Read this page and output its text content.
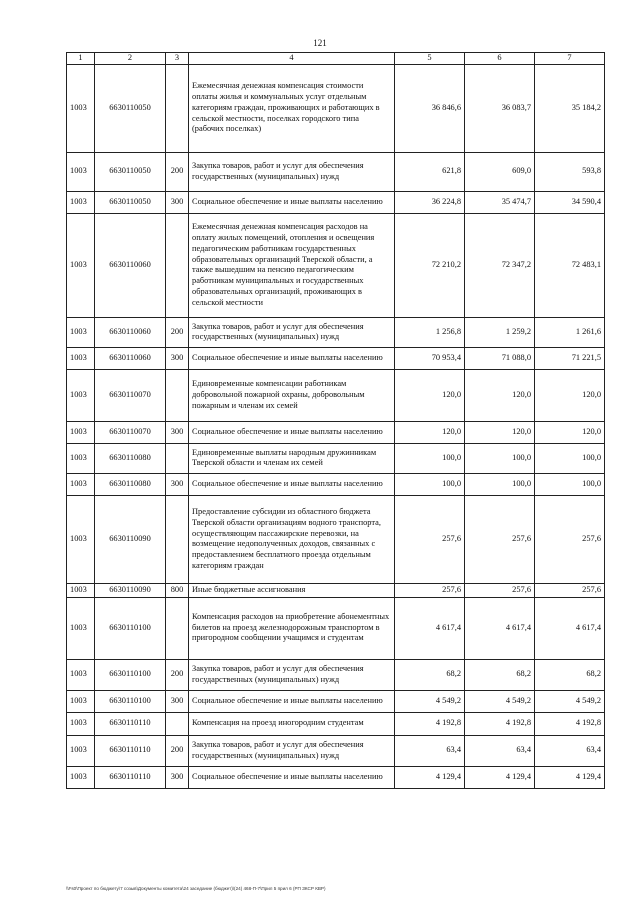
121
1	2	3	4	5	6	7
1003	6630110050		Ежемесячная денежная компенсация стоимости оплаты жилья и коммунальных услуг отдельным категориям граждан, проживающих и работающих в сельской местности, поселках городского типа (рабочих поселках)	36 846,6	36 083,7	35 184,2
1003	6630110050	200	Закупка товаров, работ и услуг для обеспечения государственных (муниципальных) нужд	621,8	609,0	593,8
1003	6630110050	300	Социальное обеспечение и иные выплаты населению	36 224,8	35 474,7	34 590,4
1003	6630110060		Ежемесячная денежная компенсация расходов на оплату жилых помещений, отопления и освещения педагогическим работникам государственных образовательных организаций Тверской области, а также вышедшим на пенсию педагогическим работникам муниципальных и государственных образовательных организаций, проживающих в сельской местности	72 210,2	72 347,2	72 483,1
1003	6630110060	200	Закупка товаров, работ и услуг для обеспечения государственных (муниципальных) нужд	1 256,8	1 259,2	1 261,6
1003	6630110060	300	Социальное обеспечение и иные выплаты населению	70 953,4	71 088,0	71 221,5
1003	6630110070		Единовременные компенсации работникам добровольной пожарной охраны, добровольным пожарным и членам их семей	120,0	120,0	120,0
1003	6630110070	300	Социальное обеспечение и иные выплаты населению	120,0	120,0	120,0
1003	6630110080		Единовременные выплаты народным дружинникам Тверской области и членам их семей	100,0	100,0	100,0
1003	6630110080	300	Социальное обеспечение и иные выплаты населению	100,0	100,0	100,0
1003	6630110090		Предоставление субсидии из областного бюджета Тверской области организациям водного транспорта, осуществляющим пассажирские перевозки, на возмещение недополученных доходов, связанных с предоставлением бесплатного проезда отдельным категориям граждан	257,6	257,6	257,6
1003	6630110090	800	Иные бюджетные ассигнования	257,6	257,6	257,6
1003	6630110100		Компенсация расходов на приобретение абонементных билетов на проезд железнодорожным транспортом в пригородном сообщении учащимся и студентам	4 617,4	4 617,4	4 617,4
1003	6630110100	200	Закупка товаров, работ и услуг для обеспечения государственных (муниципальных) нужд	68,2	68,2	68,2
1003	6630110100	300	Социальное обеспечение и иные выплаты населению	4 549,2	4 549,2	4 549,2
1003	6630110110		Компенсация на проезд иногородним студентам	4 192,8	4 192,8	4 192,8
1003	6630110110	200	Закупка товаров, работ и услуг для обеспечения государственных (муниципальных) нужд	63,4	63,4	63,4
1003	6630110110	300	Социальное обеспечение и иные выплаты населению	4 129,4	4 129,4	4 129,4
\\Fs0\Проект по бюджету\7 созыв\Документы комитета\24 заседание (бюджет)\(24) 468-П-7\Прил 5 прил 6 (РП ЗКСР КВР)
